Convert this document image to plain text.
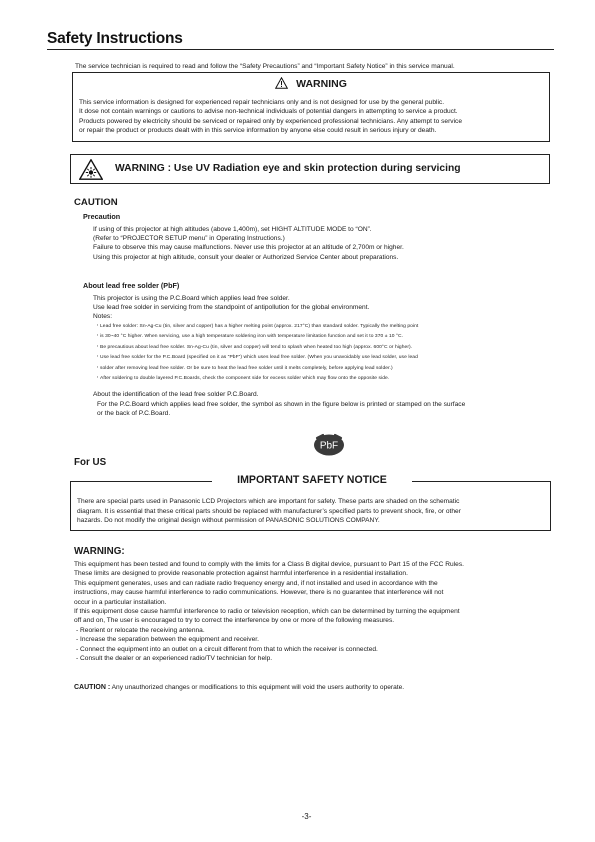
Safety Instructions
The service technician is required to read and follow the “Safety Precautions” and “Important Safety Notice” in this service manual.
WARNING
This service information is designed for experienced repair technicians only and is not designed for use by the general public.
It dose not contain warnings or cautions to advise non-technical individuals of potential dangers in attempting to service a product.
Products powered by electricity should be serviced or repaired only by experienced professional technicians. Any attempt to service
or repair the product or products dealt with in this service information by anyone else could result in serious injury or death.
WARNING : Use UV Radiation eye and skin protection during servicing
CAUTION
Precaution
If using of this projector at high altitudes (above 1,400m), set HIGHT ALTITUDE MODE to “ON”.
(Refer to “PROJECTOR SETUP menu” in Operating Instructions.)
Failure to observe this may cause malfunctions. Never use this projector at an altitude of 2,700m or higher.
Using this projector at high altitude, consult your dealer or Authorized Service Center about preparations.
About lead free solder (PbF)
This projector is using the P.C.Board which applies lead free solder.
Use lead free solder in servicing from the standpoint of antipollution for the global environment.
Notes:
・Lead free solder: Sn-Ag-Cu (tin, silver and copper) has a higher melting point (approx. 217°C) than standard solder. Typically the melting point
・is 30~40 °C higher. When servicing, use a high temperature soldering iron with temperature limitation function and set it to 370 ± 10 °C.
・Be precautious about lead free solder. Sn-Ag-Cu (tin, silver and copper) will tend to splash when heated too high (approx. 600°C or higher).
・Use lead free solder for the P.C.Board (specified on it as “PbF”) which uses lead free solder. (When you unavoidably use lead solder, use lead
・solder after removing lead free solder. Or be sure to heat the lead free solder until it melts completely, before applying lead solder.)
・After soldering to double layered P.C.Boards, check the component side for excess solder which may flow onto the opposite side.
About the identification of the lead free solder P.C.Board.
For the P.C.Board which applies lead free solder, the symbol as shown in the figure below is printed or stamped on the surface
or the back of P.C.Board.
PbF
For US
There are special parts used in Panasonic LCD Projectors which are important for safety. These parts are shaded on the schematic
diagram. It is essential that these critical parts should be replaced with manufacturer’s specified parts to prevent shock, fire, or other
hazards. Do not modify the original design without permission of PANASONIC SOLUTIONS COMPANY.
IMPORTANT SAFETY NOTICE
WARNING:
This equipment has been tested and found to comply with the limits for a Class B digital device, pursuant to Part 15 of the FCC Rules.
These limits are designed to provide reasonable protection against harmful interference in a residential installation.
This equipment generates, uses and can radiate radio frequency energy and, if not installed and used in accordance with the
instructions, may cause harmful interference to radio communications. However, there is no guarantee that interference will not
occur in a particular installation.
If this equipment dose cause harmful interference to radio or television reception, which can be determined by turning the equipment
off and on, The user is encouraged to try to correct the interference by one or more of the following measures.
- Reorient or relocate the receiving antenna.
- Increase the separation between the equipment and receiver.
- Connect the equipment into an outlet on a circuit different from that to which the receiver is connected.
- Consult the dealer or an experienced radio/TV technician for help.
CAUTION : Any unauthorized changes or modifications to this equipment will void the users authority to operate.
-3-
